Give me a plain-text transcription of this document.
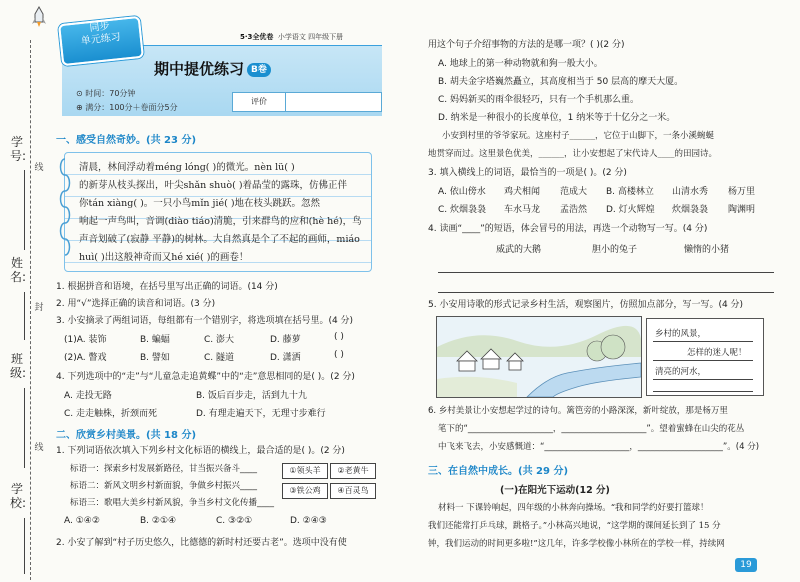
学号:
姓名:
班级:
学校:
线
封
线
5·3全优卷 小学语文 四年级下册
期中提优练习 B卷
⊙ 时间：70分钟
⊕ 满分：100分＋卷面分5分
评价
同步
单元练习
一、感受自然奇妙。(共 23 分)
清晨，林间浮动着méng lóng( )的微光。nèn lü( )
的新芽从枝头探出，叶尖shǎn shuò( )着晶莹的露珠，仿佛正伴
你tán xiàng( )。一只小鸟mǐn jié( )地在枝头跳跃。忽然
响起一声鸟叫，音调(diào tiáo)清脆，引来群鸟的应和(hè hé)，鸟
声音划破了(寂静 平静)的树林。大自然真是个了不起的画师，miáo
huì( )出这般神奇而又hé xié( )的画卷！
1. 根据拼音和语境，在括号里写出正确的词语。(14 分)
2. 用“√”选择正确的读音和词语。(3 分)
3. 小安摘录了两组词语，每组都有一个错别字，将选项填在括号里。(4 分)
(1)A. 装饰	B. 蝙蝠	C. 澎大	D. 藤萝	( )
(2)A. 瞥戏	B. 譬如	C. 隧道	D. 潇洒	( )
4. 下列选项中的“走”与“儿童急走追黄蝶”中的“走”意思相同的是( )。(2 分)
A. 走投无路	B. 饭后百步走，活到九十九
C. 走走触株，折颈而死	D. 有理走遍天下，无理寸步难行
二、欣赏乡村美景。(共 18 分)
1. 下列词语依次填入下列乡村文化标语的横线上，最合适的是( )。(2 分)
标语一：探索乡村发展新路径，甘当振兴备斗____
标语二：新风文明乡村新面貌，争做乡村振兴____
标语三：歌唱大美乡村新风貌，争当乡村文化传播____
①领头羊	②老黄牛
③铁公鸡	④百灵鸟
A. ①④②	B. ②①④	C. ③②①	D. ②④③
2. 小安了解到“村子历史悠久，比德德的新时村还要古老”。选项中没有使
用这个句子介绍事物的方法的是哪一项？( )(2 分)
A. 地球上的第一种动物就和狗一般大小。
B. 胡夫金字塔巍然矗立，其高度相当于 50 层高的摩天大厦。
C. 妈妈新买的雨伞很轻巧，只有一个手机那么重。
D. 纳米是一种很小的长度单位，1 纳米等于十亿分之一米。
小安到村里的爷爷家玩。这座村子______，它位于山脚下，一条小溪蜿蜒
地贯穿而过。这里景色优美，______，让小安想起了宋代诗人____的田园诗。
3. 填入横线上的词语，最恰当的一项是( )。(2 分)
A. 依山傍水 鸡犬相闻 范成大 B. 高楼林立 山清水秀 杨万里
C. 炊烟袅袅 车水马龙 孟浩然 D. 灯火辉煌 炊烟袅袅 陶渊明
4. 读画“____”的短语，体会冒号的用法，再选一个动物写一写。(4 分)
威武的大鹅	胆小的兔子	懒惰的小猪
5. 小安用诗歌的形式记录乡村生活，观察图片，仿照加点部分，写一写。(4 分)
乡村的风景，
怎样的迷人呢！
清亮的河水，
6. 乡村美景让小安想起学过的诗句。篱笆旁的小路深深，新叶绽放，那是杨万里
笔下的“____________________，____________________”。望着蜜蜂在山尖的花丛
中飞来飞去，小安感慨道：“____________________，____________________”。(4 分)
三、在自然中成长。(共 29 分)
(一)在阳光下运动(12 分)
材料一 下课铃响起，四年级的小林奔向操场。“我和同学约好要打篮球！
我们还能常打乒乓球，跳格子。”小林高兴地说，“这学期的课间延长到了 15 分
钟，我们运动的时间更多啦!”这几年，许多学校像小林所在的学校一样，持续网
19
